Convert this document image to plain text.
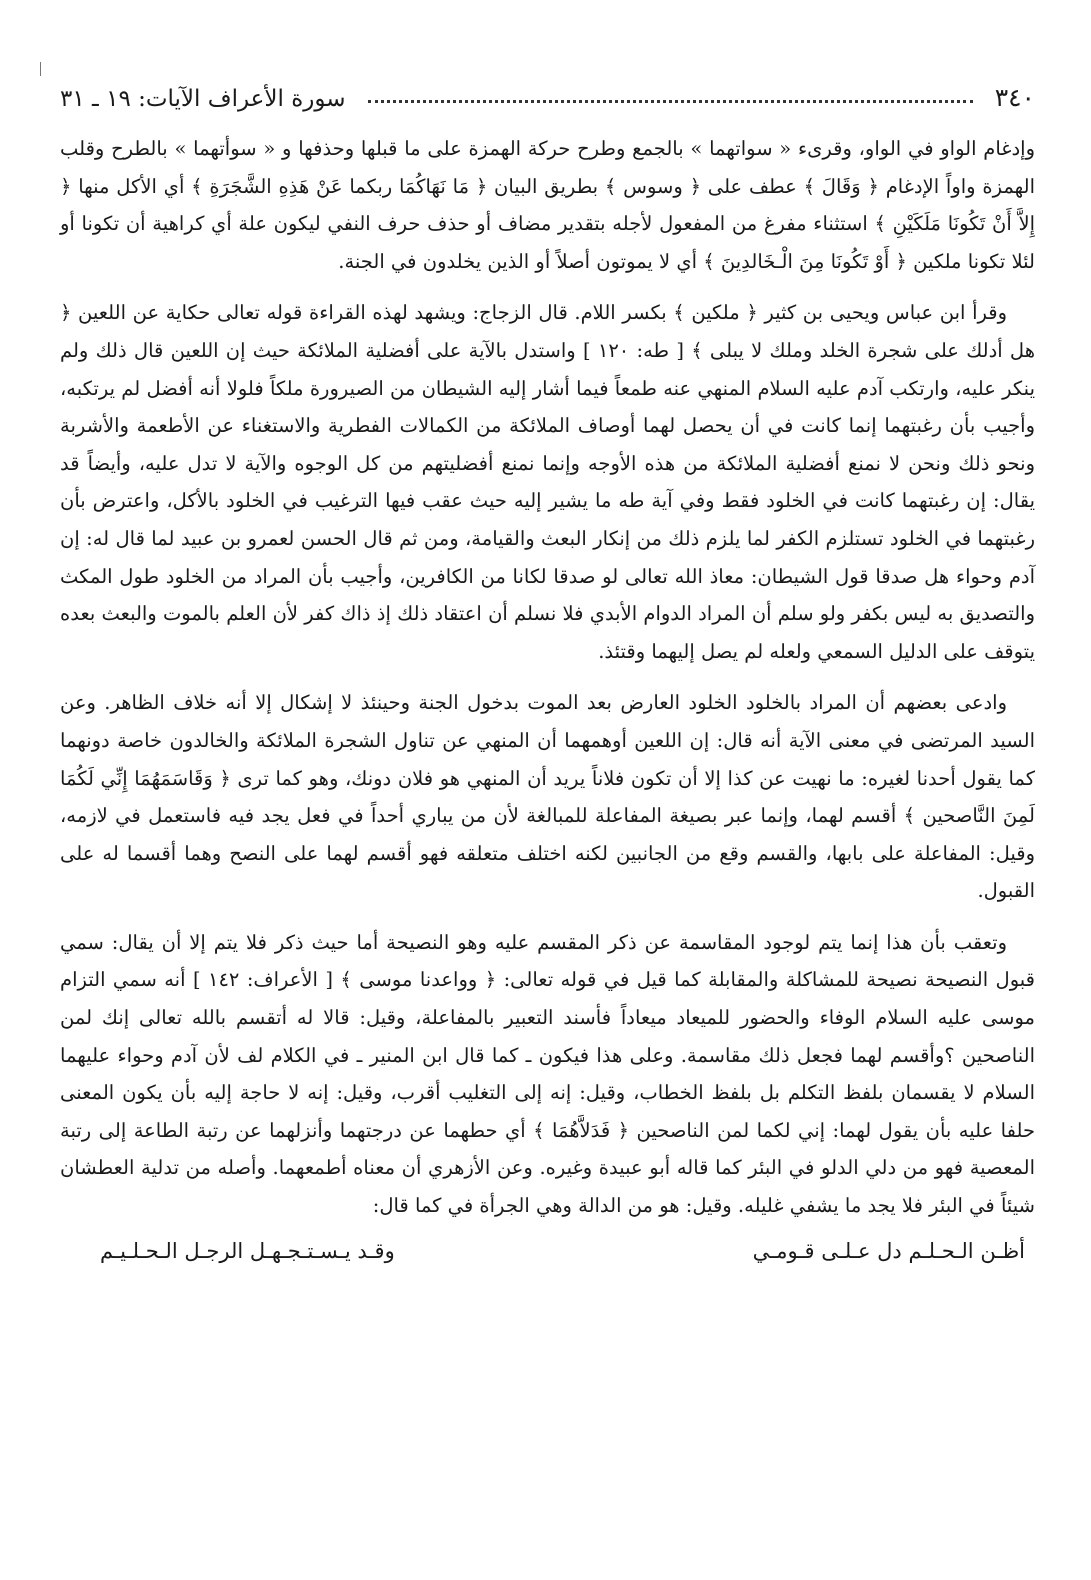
٣٤٠
سورة الأعراف الآيات: ١٩ ـ ٣١

وإدغام الواو في الواو، وقرىء « سواتهما » بالجمع وطرح حركة الهمزة على ما قبلها وحذفها و « سوأتهما » بالطرح وقلب الهمزة واواً الإدغام ﴿ وَقَالَ ﴾ عطف على ﴿ وسوس ﴾ بطريق البيان ﴿ مَا نَهَاكُمَا ربكما عَنْ هَذِهِ الشَّجَرَةِ ﴾ أي الأكل منها ﴿ إِلاَّ أَنْ تَكُونَا مَلَكَيْنِ ﴾ استثناء مفرغ من المفعول لأجله بتقدير مضاف أو حذف حرف النفي ليكون علة أي كراهية أن تكونا أو لئلا تكونا ملكين ﴿ أَوْ تَكُونَا مِنَ الْـخَالدِينَ ﴾ أي لا يموتون أصلاً أو الذين يخلدون في الجنة.

وقرأ ابن عباس ويحيى بن كثير ﴿ ملكين ﴾ بكسر اللام. قال الزجاج: ويشهد لهذه القراءة قوله تعالى حكاية عن اللعين ﴿ هل أدلك على شجرة الخلد وملك لا يبلى ﴾ [ طه: ١٢٠ ] واستدل بالآية على أفضلية الملائكة حيث إن اللعين قال ذلك ولم ينكر عليه، وارتكب آدم عليه السلام المنهي عنه طمعاً فيما أشار إليه الشيطان من الصيرورة ملكاً فلولا أنه أفضل لم يرتكبه، وأجيب بأن رغبتهما إنما كانت في أن يحصل لهما أوصاف الملائكة من الكمالات الفطرية والاستغناء عن الأطعمة والأشربة ونحو ذلك ونحن لا نمنع أفضلية الملائكة من هذه الأوجه وإنما نمنع أفضليتهم من كل الوجوه والآية لا تدل عليه، وأيضاً قد يقال: إن رغبتهما كانت في الخلود فقط وفي آية طه ما يشير إليه حيث عقب فيها الترغيب في الخلود بالأكل، واعترض بأن رغبتهما في الخلود تستلزم الكفر لما يلزم ذلك من إنكار البعث والقيامة، ومن ثم قال الحسن لعمرو بن عبيد لما قال له: إن آدم وحواء هل صدقا قول الشيطان: معاذ الله تعالى لو صدقا لكانا من الكافرين، وأجيب بأن المراد من الخلود طول المكث والتصديق به ليس بكفر ولو سلم أن المراد الدوام الأبدي فلا نسلم أن اعتقاد ذلك إذ ذاك كفر لأن العلم بالموت والبعث بعده يتوقف على الدليل السمعي ولعله لم يصل إليهما وقتئذ.

وادعى بعضهم أن المراد بالخلود الخلود العارض بعد الموت بدخول الجنة وحينئذ لا إشكال إلا أنه خلاف الظاهر. وعن السيد المرتضى في معنى الآية أنه قال: إن اللعين أوهمهما أن المنهي عن تناول الشجرة الملائكة والخالدون خاصة دونهما كما يقول أحدنا لغيره: ما نهيت عن كذا إلا أن تكون فلاناً يريد أن المنهي هو فلان دونك، وهو كما ترى ﴿ وَقَاسَمَهُمَا إِنِّي لَكُمَا لَمِنَ النَّاصحين ﴾ أقسم لهما، وإنما عبر بصيغة المفاعلة للمبالغة لأن من يباري أحداً في فعل يجد فيه فاستعمل في لازمه، وقيل: المفاعلة على بابها، والقسم وقع من الجانبين لكنه اختلف متعلقه فهو أقسم لهما على النصح وهما أقسما له على القبول.

وتعقب بأن هذا إنما يتم لوجود المقاسمة عن ذكر المقسم عليه وهو النصيحة أما حيث ذكر فلا يتم إلا أن يقال: سمي قبول النصيحة نصيحة للمشاكلة والمقابلة كما قيل في قوله تعالى: ﴿ وواعدنا موسى ﴾ [ الأعراف: ١٤٢ ] أنه سمي التزام موسى عليه السلام الوفاء والحضور للميعاد ميعاداً فأسند التعبير بالمفاعلة، وقيل: قالا له أتقسم بالله تعالى إنك لمن الناصحين ؟وأقسم لهما فجعل ذلك مقاسمة. وعلى هذا فيكون ـ كما قال ابن المنير ـ في الكلام لف لأن آدم وحواء عليهما السلام لا يقسمان بلفظ التكلم بل بلفظ الخطاب، وقيل: إنه إلى التغليب أقرب، وقيل: إنه لا حاجة إليه بأن يكون المعنى حلفا عليه بأن يقول لهما: إني لكما لمن الناصحين ﴿ فَدَلاَّهُمَا ﴾ أي حطهما عن درجتهما وأنزلهما عن رتبة الطاعة إلى رتبة المعصية فهو من دلي الدلو في البئر كما قاله أبو عبيدة وغيره. وعن الأزهري أن معناه أطمعهما. وأصله من تدلية العطشان شيئاً في البئر فلا يجد ما يشفي غليله. وقيل: هو من الدالة وهي الجرأة في كما قال:

أظـن الـحـلـم دل عـلـى قـومـي
وقـد يـسـتـجـهـل الرجـل الـحـلـيـم
